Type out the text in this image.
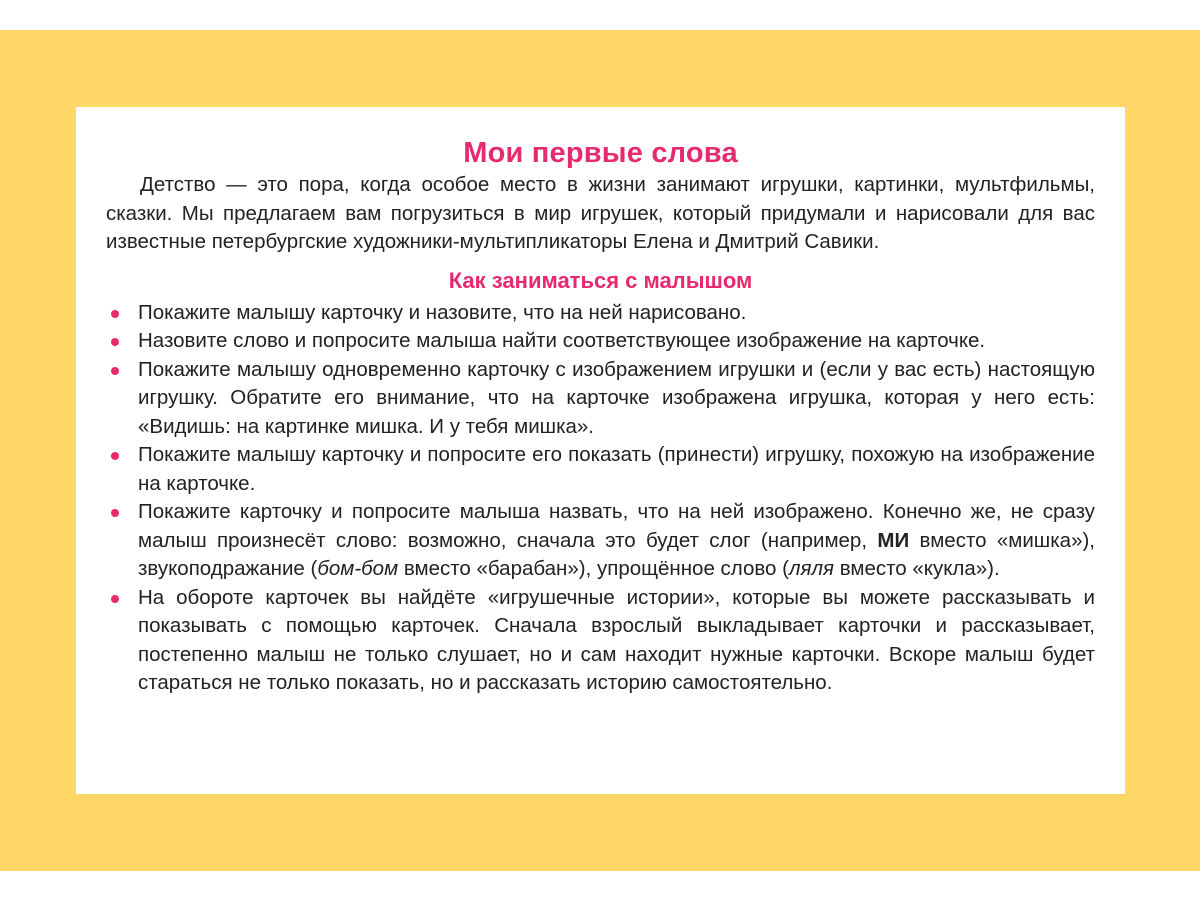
Мои первые слова

Детство — это пора, когда особое место в жизни занимают игрушки, картинки, мультфильмы, сказки. Мы предлагаем вам погрузиться в мир игрушек, который придумали и нарисовали для вас известные петербургские художники-мультипликаторы Елена и Дмитрий Савики.

Как заниматься с малышом
Покажите малышу карточку и назовите, что на ней нарисовано.
Назовите слово и попросите малыша найти соответствующее изображение на карточке.
Покажите малышу одновременно карточку с изображением игрушки и (если у вас есть) настоящую игрушку. Обратите его внимание, что на карточке изображена игрушка, которая у него есть: «Видишь: на картинке мишка. И у тебя мишка».
Покажите малышу карточку и попросите его показать (принести) игрушку, похожую на изображение на карточке.
Покажите карточку и попросите малыша назвать, что на ней изображено. Конечно же, не сразу малыш произнесёт слово: возможно, сначала это будет слог (например, МИ вместо «мишка»), звукоподражание (бом-бом вместо «барабан»), упрощённое слово (ляля вместо «кукла»).
На обороте карточек вы найдёте «игрушечные истории», которые вы можете рассказывать и показывать с помощью карточек. Сначала взрослый выкладывает карточки и рассказывает, постепенно малыш не только слушает, но и сам находит нужные карточки. Вскоре малыш будет стараться не только показать, но и рассказать историю самостоятельно.
